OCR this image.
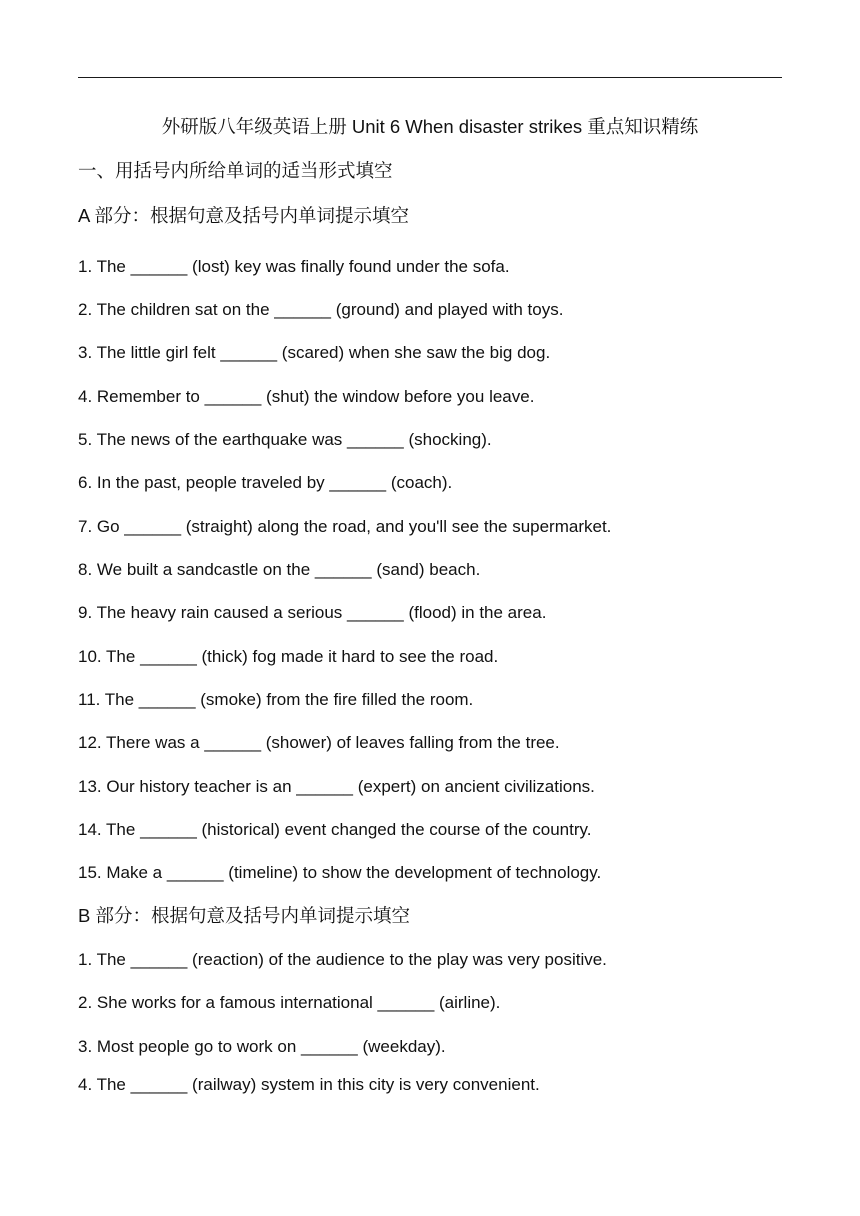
外研版八年级英语上册 Unit 6 When disaster strikes 重点知识精练
一、用括号内所给单词的适当形式填空
A 部分：根据句意及括号内单词提示填空
1. The ______ (lost) key was finally found under the sofa.
2. The children sat on the ______ (ground) and played with toys.
3. The little girl felt ______ (scared) when she saw the big dog.
4. Remember to ______ (shut) the window before you leave.
5. The news of the earthquake was ______ (shocking).
6. In the past, people traveled by ______ (coach).
7. Go ______ (straight) along the road, and you'll see the supermarket.
8. We built a sandcastle on the ______ (sand) beach.
9. The heavy rain caused a serious ______ (flood) in the area.
10. The ______ (thick) fog made it hard to see the road.
11. The ______ (smoke) from the fire filled the room.
12. There was a ______ (shower) of leaves falling from the tree.
13. Our history teacher is an ______ (expert) on ancient civilizations.
14. The ______ (historical) event changed the course of the country.
15. Make a ______ (timeline) to show the development of technology.
B 部分：根据句意及括号内单词提示填空
1. The ______ (reaction) of the audience to the play was very positive.
2. She works for a famous international ______ (airline).
3. Most people go to work on ______ (weekday).
4. The ______ (railway) system in this city is very convenient.
